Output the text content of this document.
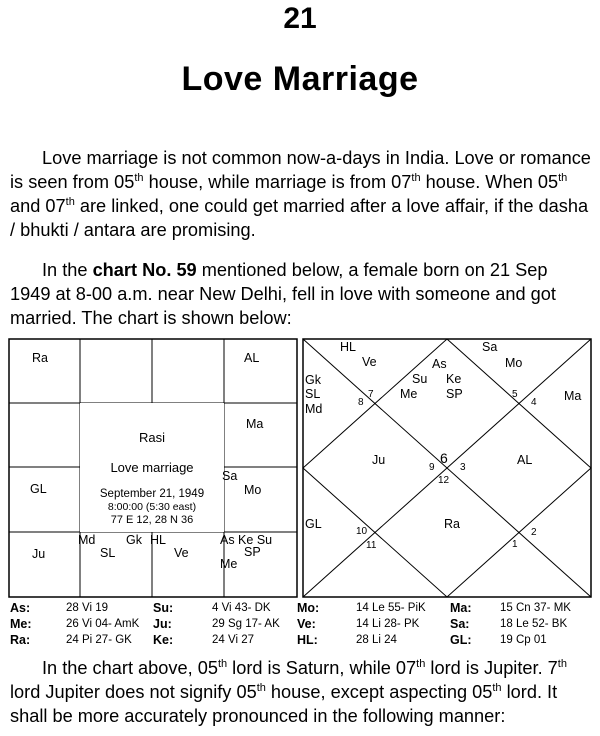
21
Love Marriage

Love marriage is not common now-a-days in India. Love or romance is seen from 05th house, while marriage is from 07th house. When 05th and 07th are linked, one could get married after a love affair, if the dasha / bhukti / antara are promising.

In the chart No. 59 mentioned below, a female born on 21 Sep 1949 at 8-00 a.m. near New Delhi, fell in love with someone and got married. The chart is shown below:

Ra	AL
Ma
Sa
Mo
GL
Ju
Md Gk
SL
HL
Ve
As Ke Su
SP
Me
Rasi
Love marriage
September 21, 1949
8:00:00 (5:30 east)
77 E 12, 28 N 36
HL
Ve
Sa
Mo
As
Su Ke
Me SP
Gk
SL
Md
Ma
Ju	AL
GL	Ra
7
8
5
4
9
6
3
12
10
11
2
1
As:	28 Vi 19	Su:	4 Vi 43- DK Mo:	14 Le 55- PiK Ma: 15 Cn 37- MK
Me:	26 Vi 04- AmK Ju:	29 Sg 17- AK Ve:	14 Li 28- PK Sa:	18 Le 52- BK
Ra:	24 Pi 27- GK Ke:	24 Vi 27	HL:	28 Li 24	GL: 19 Cp 01

In the chart above, 05th lord is Saturn, while 07th lord is Jupiter. 7th lord Jupiter does not signify 05th house, except aspecting 05th lord. It shall be more accurately pronounced in the following manner:
